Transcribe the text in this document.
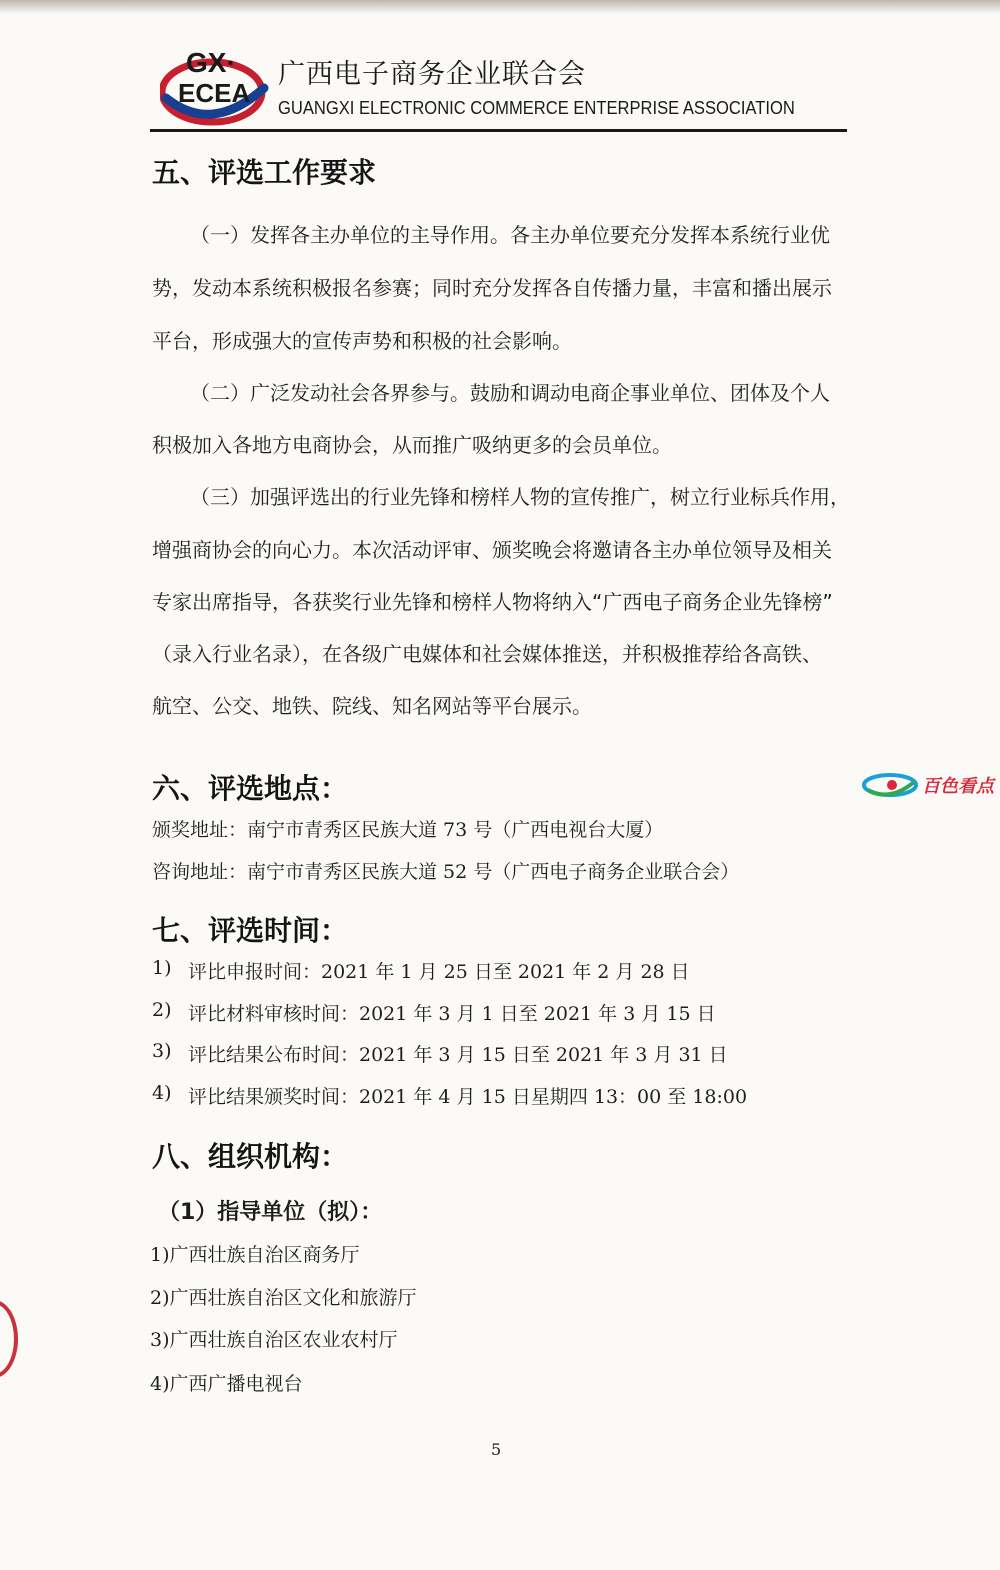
GX·
ECEA
广西电子商务企业联合会
GUANGXI ELECTRONIC COMMERCE ENTERPRISE ASSOCIATION
五、评选工作要求
（一）发挥各主办单位的主导作用。各主办单位要充分发挥本系统行业优
势，发动本系统积极报名参赛；同时充分发挥各自传播力量，丰富和播出展示
平台，形成强大的宣传声势和积极的社会影响。
（二）广泛发动社会各界参与。鼓励和调动电商企事业单位、团体及个人
积极加入各地方电商协会，从而推广吸纳更多的会员单位。
（三）加强评选出的行业先锋和榜样人物的宣传推广，树立行业标兵作用，
增强商协会的向心力。本次活动评审、颁奖晚会将邀请各主办单位领导及相关
专家出席指导，各获奖行业先锋和榜样人物将纳入“广西电子商务企业先锋榜”
（录入行业名录），在各级广电媒体和社会媒体推送，并积极推荐给各高铁、
航空、公交、地铁、院线、知名网站等平台展示。
六、评选地点：
颁奖地址：南宁市青秀区民族大道 73 号（广西电视台大厦）
咨询地址：南宁市青秀区民族大道 52 号（广西电子商务企业联合会）
七、评选时间：
1) 评比申报时间：2021 年 1 月 25 日至 2021 年 2 月 28 日
2) 评比材料审核时间：2021 年 3 月 1 日至 2021 年 3 月 15 日
3) 评比结果公布时间：2021 年 3 月 15 日至 2021 年 3 月 31 日
4) 评比结果颁奖时间：2021 年 4 月 15 日星期四 13：00 至 18:00
八、组织机构：
（1）指导单位（拟）：
1)广西壮族自治区商务厅
2)广西壮族自治区文化和旅游厅
3)广西壮族自治区农业农村厅
4)广西广播电视台
5
百色看点
